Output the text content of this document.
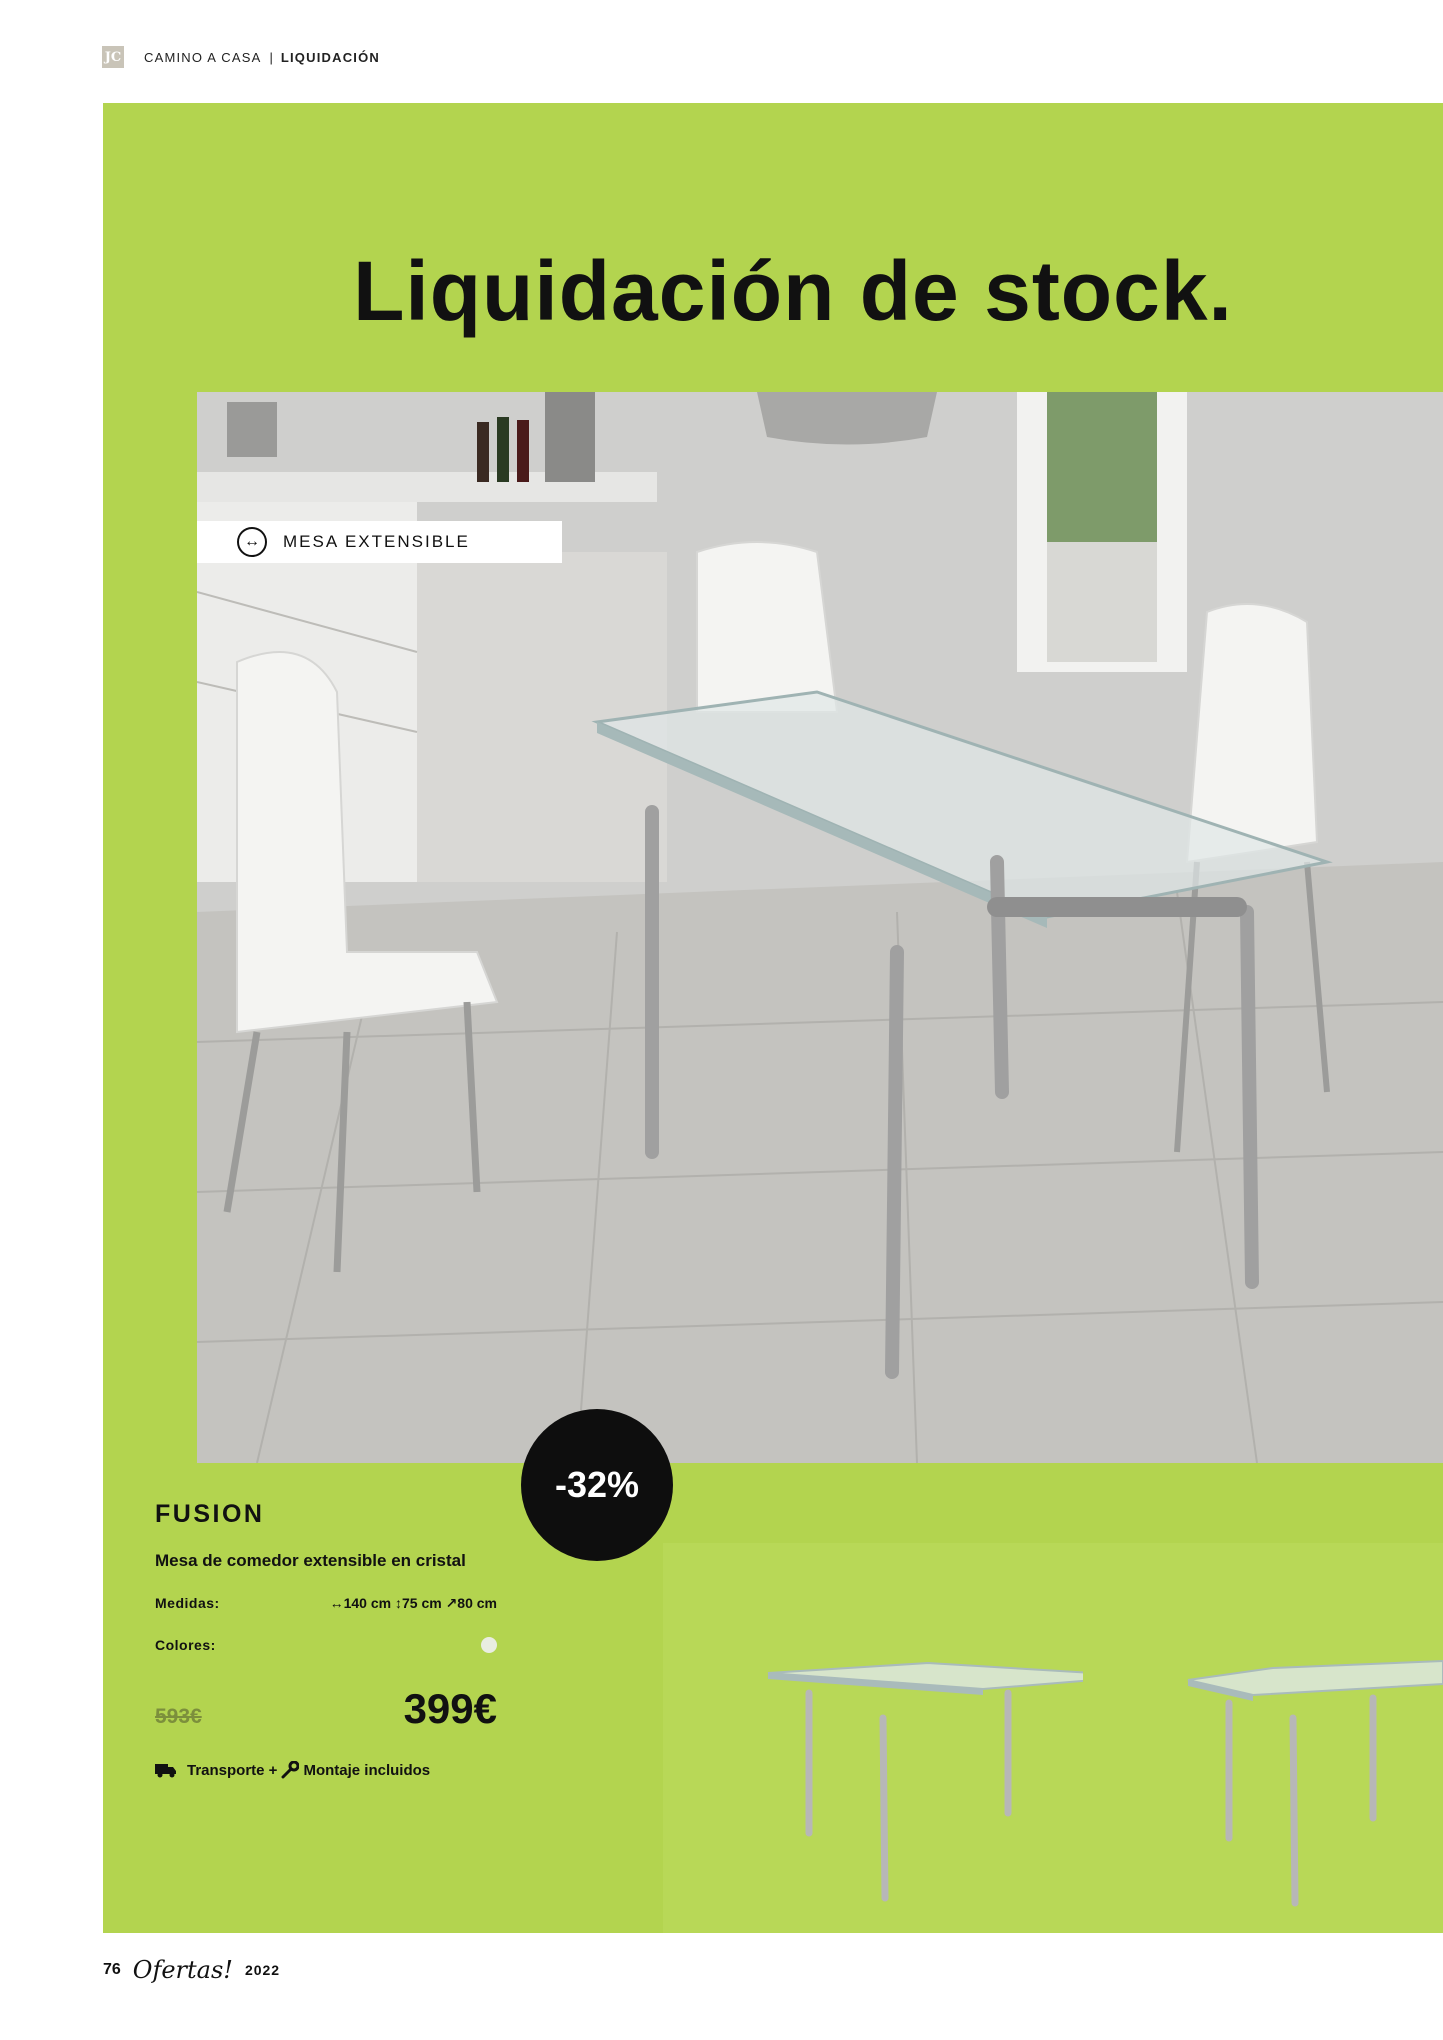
JC CAMINO A CASA | LIQUIDACIÓN
Liquidación de stock.
↔	MESA EXTENSIBLE
-32%
FUSION
Mesa de comedor extensible en cristal
Medidas:	↔140 cm ↕75 cm ↗80 cm
Colores:
593€	399€
Transporte + Montaje incluidos
76 Ofertas! 2022
